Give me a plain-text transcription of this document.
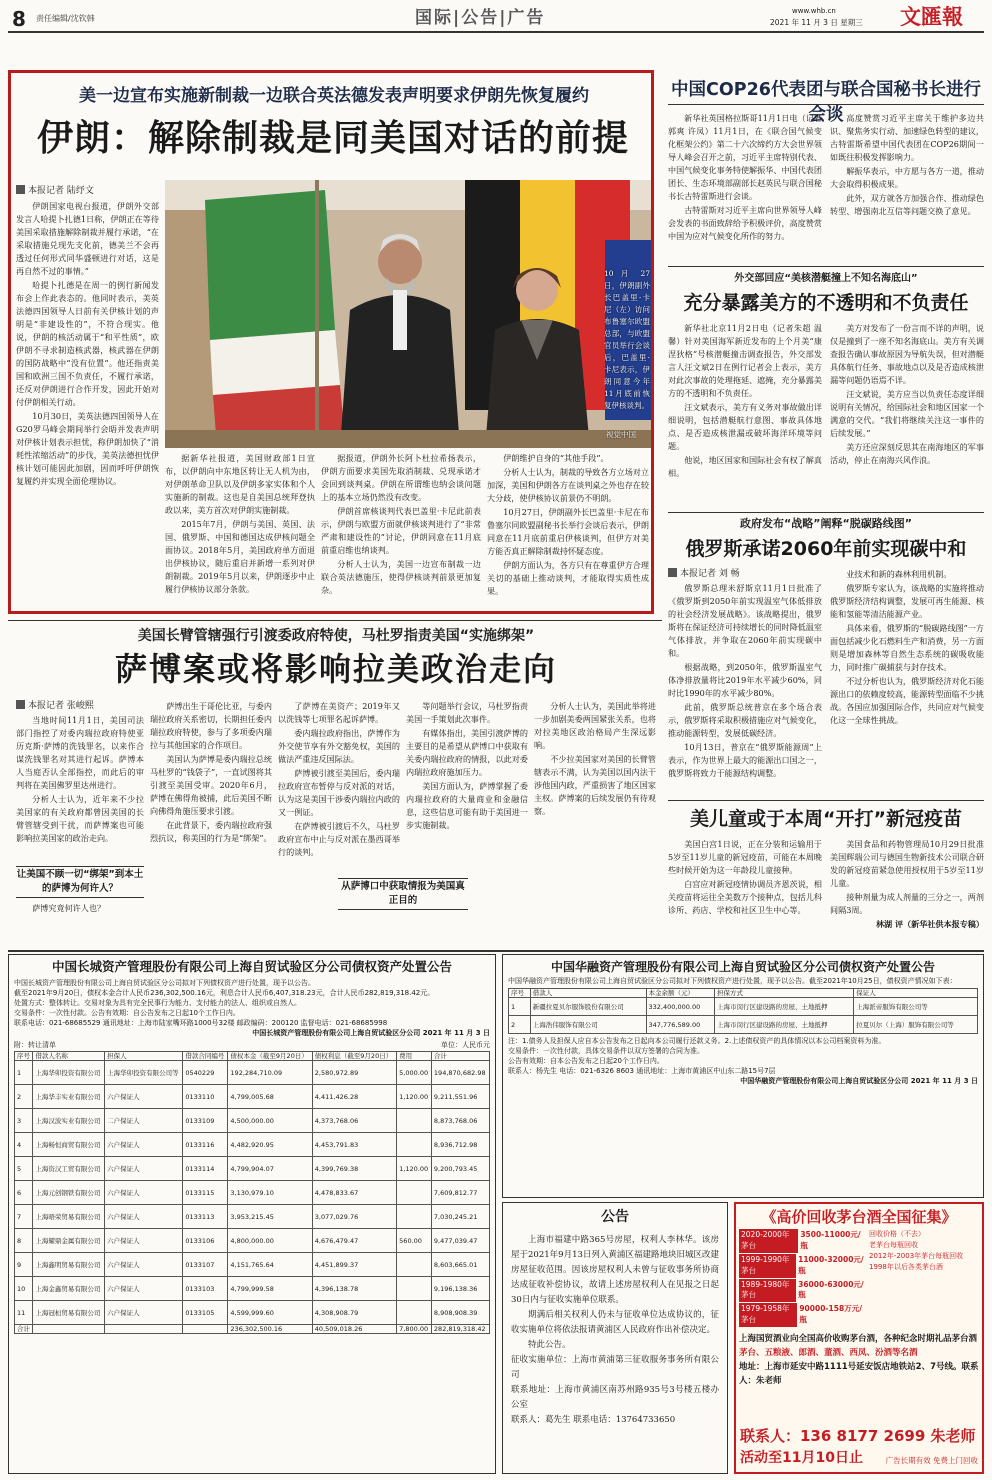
8 责任编辑/沈钦韩	国际|公告|广告	www.whb.cn
2021 年 11 月 3 日 星期三 文匯報
美一边宣布实施新制裁一边联合英法德发表声明要求伊朗先恢复履约
伊朗：解除制裁是同美国对话的前提
本报记者 陆纾文

伊朗国家电视台报道，伊朗外交部发言人哈提卜扎德1日称，伊朗正在等待美国采取措施解除制裁并履行承诺，“在采取措施兑现先支化前，德美兰不会再透过任何形式同华盛顿进行对话，这是再自然不过的事情。”

哈提卜扎德是在周一的例行新闻发布会上作此表态的。他同时表示，美英法德四国领导人日前有关伊核计划的声明是“非建设性的”，不符合现实。他说，伊朗的核活动属于“和平性质”，欧伊朗不寻求制造核武器，核武器在伊朗的国防战略中“没有位置”。他还指责美国和欧洲三国不负责任，不履行承诺，还反对伊朗进行合作开发，因此开始对付伊朗相关行动。

10月30日，美英法德四国领导人在G20罗马峰会期间举行会晤并发表声明对伊核计划表示担忧，称伊朗加快了“消耗性浓缩活动”的步伐，美英法德担忧伊核计划可能因此加剧，因而呼吁伊朗恢复履约并实现全面伦理协议。

10 月 27 日，伊朗副外长巴盖里·卡尼（左）访问布鲁塞尔欧盟总部，与欧盟官员举行会谈后，巴盖里·卡尼表示，伊朗同意今年11月底前恢复伊核谈判。
视觉中国

据新华社报道，美国财政部1日宣布，以伊朗向中东地区转让无人机为由，对伊朗革命卫队以及伊朗多家实体和个人实施新的制裁。这也是自美国总统拜登执政以来，美方首次对伊朗实施制裁。

2015年7月，伊朗与美国、英国、法国、俄罗斯、中国和德国达成伊核问题全面协议。2018年5月，美国政府单方面退出伊核协议，随后重启并新增一系列对伊朗制裁。2019年5月以来，伊朗逐步中止履行伊核协议部分条款。

据报道，伊朗外长阿卜杜拉希扬表示，伊朗方面要求美国先取消制裁、兑现承诺才会回到谈判桌。伊朗在所谓维也纳会谈问题上的基本立场仍然没有改变。

伊朗首席核谈判代表巴盖里·卡尼此前表示，伊朗与欧盟方面就伊核谈判进行了“非常严肃和建设性的”讨论，伊朗同意在11月底前重启维也纳谈判。

分析人士认为，美国一边宣布制裁一边联合英法德施压，使得伊核谈判前景更加复杂。

伊朗维护自身的“其他手段”。

分析人士认为，制裁的导致各方立场对立加深，美国和伊朗各方在谈判桌之外也存在较大分歧，使伊核协议前景仍不明朗。

10月27日，伊朗副外长巴盖里·卡尼在布鲁塞尔同欧盟副秘书长举行会谈后表示，伊朗同意在11月底前重启伊核谈判，但伊方对美方能否真正解除制裁持怀疑态度。

伊朗方面认为，各方只有在尊重伊方合理关切的基础上推动谈判，才能取得实质性成果。

中国COP26代表团与联合国秘书长进行会谈

新华社英国格拉斯哥11月1日电（记者郭爽 许凤）11月1日，在《联合国气候变化框架公约》第二十六次缔约方大会世界领导人峰会召开之前，习近平主席特别代表、中国气候变化事务特使解振华、中国代表团团长、生态环境部副部长赵英民与联合国秘书长古特雷斯进行会谈。

古特雷斯对习近平主席向世界领导人峰会发表的书面致辞给予积极评价，高度赞赏中国为应对气候变化所作的努力。

高度赞赏习近平主席关于维护多边共识、聚焦务实行动、加速绿色转型的建议，古特雷斯希望中国代表团在COP26期间一如既往积极发挥影响力。

解振华表示，中方愿与各方一道，推动大会取得积极成果。

此外，双方就各方加强合作、推动绿色转型、增强南北互信等问题交换了意见。

外交部回应“美核潜艇撞上不知名海底山”
充分暴露美方的不透明和不负责任

新华社北京11月2日电（记者朱超 温馨）针对美国海军新近发布的上个月美“康涅狄格”号核潜艇撞击调查报告，外交部发言人汪文斌2日在例行记者会上表示，美方对此次事故的处理拖延、遮掩，充分暴露美方的不透明和不负责任。

汪文斌表示，美方有义务对事故做出详细说明，包括潜艇航行意图、事故具体地点、是否造成核泄漏或破坏海洋环境等问题。

他说，地区国家和国际社会有权了解真相。

美方对发布了一份言而不详的声明，说仅是撞到了一座不知名海底山。美方有关调查报告确认事故原因为导航失误，但对潜艇具体航行任务、事故地点以及是否造成核泄漏等问题仍语焉不详。

汪文斌说，美方应当以负责任态度详细说明有关情况，给国际社会和地区国家一个满意的交代。“我们将继续关注这一事件的后续发展。”

美方还应深刻反思其在南海地区的军事活动，停止在南海兴风作浪。

政府发布“战略”阐释“脱碳路线图”
俄罗斯承诺2060年前实现碳中和
本报记者 刘 畅

俄罗斯总理米舒斯京11月1日批准了《俄罗斯到2050年前实现温室气体低排放的社会经济发展战略》。该战略提出，俄罗斯将在保证经济可持续增长的同时降低温室气体排放，并争取在2060年前实现碳中和。

根据战略，到2050年，俄罗斯温室气体净排放量将比2019年水平减少60%，同时比1990年的水平减少80%。

此前，俄罗斯总统普京在多个场合表示，俄罗斯将采取积极措施应对气候变化，推动能源转型，发展低碳经济。

10月13日，普京在“俄罗斯能源周”上表示，作为世界上最大的能源出口国之一，俄罗斯将致力于能源结构调整。

业技术和新的森林利用机制。

俄罗斯专家认为，该战略的实施将推动俄罗斯经济结构调整，发展可再生能源、核能和氢能等清洁能源产业。

具体来看，俄罗斯的“脱碳路线图”一方面包括减少化石燃料生产和消费，另一方面则是增加森林等自然生态系统的碳吸收能力，同时推广碳捕获与封存技术。

不过分析也认为，俄罗斯经济对化石能源出口的依赖度较高，能源转型面临不少挑战。各国应加强国际合作，共同应对气候变化这一全球性挑战。

美儿童或于本周“开打”新冠疫苗

美国白宫1日说，正在分装和运输用于5岁至11岁儿童的新冠疫苗，可能在本周晚些时候开始为这一年龄段儿童接种。

白宫应对新冠疫情协调员齐恩茨说，相关疫苗将运往全美数万个接种点，包括儿科诊所、药店、学校和社区卫生中心等。

美国食品和药物管理局10月29日批准美国辉瑞公司与德国生物新技术公司联合研发的新冠疫苗紧急使用授权用于5岁至11岁儿童。

接种剂量为成人剂量的三分之一，两剂间隔3周。

林湖 评（新华社供本报专稿）

美国长臂管辖强行引渡委政府特使，马杜罗指责美国“实施绑架”
萨博案或将影响拉美政治走向
本报记者 张峻熙

当地时间11月1日，美国司法部门指控了对委内瑞拉政府特使亚历克斯·萨博的洗钱罪名，以来作合谋洗钱罪名对其进行起诉。萨博本人当庭否认全部指控，而此后的审判将在美国佛罗里达州进行。

分析人士认为，近年来不少拉美国家的有关政府都曾因美国的长臂管辖受到干扰，而萨博案也可能影响拉美国家的政治走向。

让美国不顾一切“绑架”到本土的萨博为何许人？

萨博究竟何许人也？

萨博出生于哥伦比亚，与委内瑞拉政府关系密切，长期担任委内瑞拉政府特使，参与了多项委内瑞拉与其他国家的合作项目。

美国认为萨博是委内瑞拉总统马杜罗的“钱袋子”，一直试图将其引渡至美国受审。2020年6月，萨博在佛得角被捕，此后美国不断向佛得角施压要求引渡。

在此背景下，委内瑞拉政府强烈抗议，称美国的行为是“绑架”。

了萨博在美资产；2019年又以洗钱等七项罪名起诉萨博。

委内瑞拉政府指出，萨博作为外交使节享有外交豁免权，美国的做法严重违反国际法。

萨博被引渡至美国后，委内瑞拉政府宣布暂停与反对派的对话，认为这是美国干涉委内瑞拉内政的又一例证。

在萨博被引渡后不久，马杜罗政府宣布中止与反对派在墨西哥举行的谈判。

等问题举行会议，马杜罗指责美国一手策划此次事件。

有媒体指出，美国引渡萨博的主要目的是希望从萨博口中获取有关委内瑞拉政府的情报，以此对委内瑞拉政府施加压力。

美国方面认为，萨博掌握了委内瑞拉政府的大量商业和金融信息，这些信息可能有助于美国进一步实施制裁。

从萨博口中获取情报为美国真正目的

分析人士认为，美国此举将进一步加剧美委两国紧张关系，也将对拉美地区政治格局产生深远影响。

不少拉美国家对美国的长臂管辖表示不满，认为美国以国内法干涉他国内政，严重损害了地区国家主权。萨博案的后续发展仍有待观察。

中国长城资产管理股份有限公司上海自贸试验区分公司债权资产处置公告
中国长城资产管理股份有限公司上海自贸试验区分公司拟对下列债权资产进行处置，现予以公告。
截至2021年9月20日，债权本金合计人民币236,302,500.16元，利息合计人民币6,407,318.23元，合计人民币282,819,318.42元。
处置方式：整体转让。交易对象为具有完全民事行为能力、支付能力的法人、组织或自然人。
交易条件：一次性付款。公告有效期：自公告发布之日起10个工作日内。
联系电话：021-68685529 通讯地址：上海市陆家嘴环路1000号32楼 邮政编码：200120 监督电话：021-68685998
中国长城资产管理股份有限公司上海自贸试验区分公司 2021 年 11 月 3 日
附：转让清单	单位：人民币元
序号	借款人名称	担保人	借款合同编号	债权本金（截至9月20日）	债权利息（截至9月20日）	费用	合计
1	上海华卯投资有限公司	上海华卯投资有限公司等	0540229	192,284,710.09	2,580,972.89	5,000.00	194,870,682.98
2	上海华丰实业有限公司	六户保证人	0133110	4,799,005.68	4,411,426.28	1,120.00	9,211,551.96
3	上海汉波实业有限公司	二户保证人	0133109	4,500,000.00	4,373,768.06		8,873,768.06
4	上海畅恒商贸有限公司	六户保证人	0133116	4,482,920.95	4,453,791.83		8,936,712.98
5	上海资汉工贸有限公司	六户保证人	0133114	4,799,904.07	4,399,769.38	1,120.00	9,200,793.45
6	上海元创钢铁有限公司	六户保证人	0133115	3,130,979.10	4,478,833.67		7,609,812.77
7	上海晤荣贸易有限公司	六户保证人	0133113	3,953,215.45	3,077,029.76		7,030,245.21
8	上海耀鼎金属有限公司	六户保证人	0133106	4,800,000.00	4,676,479.47	560.00	9,477,039.47
9	上海鑫明贸易有限公司	六户保证人	0133107	4,151,765.64	4,451,899.37		8,603,665.01
10	上海金鑫贸易有限公司	六户保证人	0133103	4,799,999.58	4,396,138.78		9,196,138.36
11	上海冠桓贸易有限公司	六户保证人	0133105	4,599,999.60	4,308,908.79		8,908,908.39
合计				236,302,500.16	40,509,018.26	7,800.00	282,819,318.42
中国华融资产管理股份有限公司上海自贸试验区分公司债权资产处置公告
中国华融资产管理股份有限公司上海自贸试验区分公司拟对下列债权资产进行处置，现予以公告。截至2021年10月25日，债权资产情况如下表：
序号	借款人	本金余额（元）	担保方式	保证人
1	新疆拉夏贝尔服饰股份有限公司	332,400,000.00	上海市闵行区建设路的房屋、土地抵押	上海派帝服饰有限公司等
2	上海浩伟服饰有限公司	347,776,589.00	上海市闵行区建设路的房屋、土地抵押	拉夏贝尔（上海）服饰有限公司等
注：1.债务人及担保人应自本公告发布之日起向本公司履行还款义务。2.上述债权资产的具体情况以本公司档案资料为准。
交易条件：一次性付款，具体交易条件以双方签署的合同为准。
公告有效期：自本公告发布之日起20个工作日内。
联系人：杨先生 电话：021-6326 8603 通讯地址：上海市黄浦区中山东二路15号7层
中国华融资产管理股份有限公司上海自贸试验区分公司 2021 年 11 月 3 日
公告
上海市福建中路365号房屋，权利人李林华。该房屋于2021年9月13日列入黄浦区福建路地块旧城区改建房屋征收范围。因该房屋权利人未曾与征收事务所协商达成征收补偿协议，故请上述房屋权利人在见报之日起30日内与征收实施单位联系。
期满后相关权利人仍未与征收单位达成协议的，征收实施单位将依法报请黄浦区人民政府作出补偿决定。
特此公告。
征收实施单位：上海市黄浦第三征收服务事务所有限公司
联系地址：上海市黄浦区南苏州路935号3号楼五楼办公室
联系人：葛先生 联系电话：13764733650
《高价回收茅台酒全国征集》
2020-2000年茅台
3500-11000元/瓶
1999-1990年茅台
11000-32000元/瓶
1989-1980年茅台
36000-63000元/瓶
1979-1958年茅台
90000-158万元/瓶
回收价格（不去）
老茅台每瓶回收
2012年-2003年茅台每瓶回收
1998年以后各类茅台酒
上海国贸酒业向全国高价收购茅台酒，各种纪念时期礼品茅台酒
茅台、五粮液、郎酒、董酒、西凤、汾酒等名酒
地址：上海市延安中路1111号延安饭店地铁站2、7号线。联系人：朱老师
联系人：136 8177 2699 朱老师
活动至11月10日止	广告长期有效 免费上门回收
